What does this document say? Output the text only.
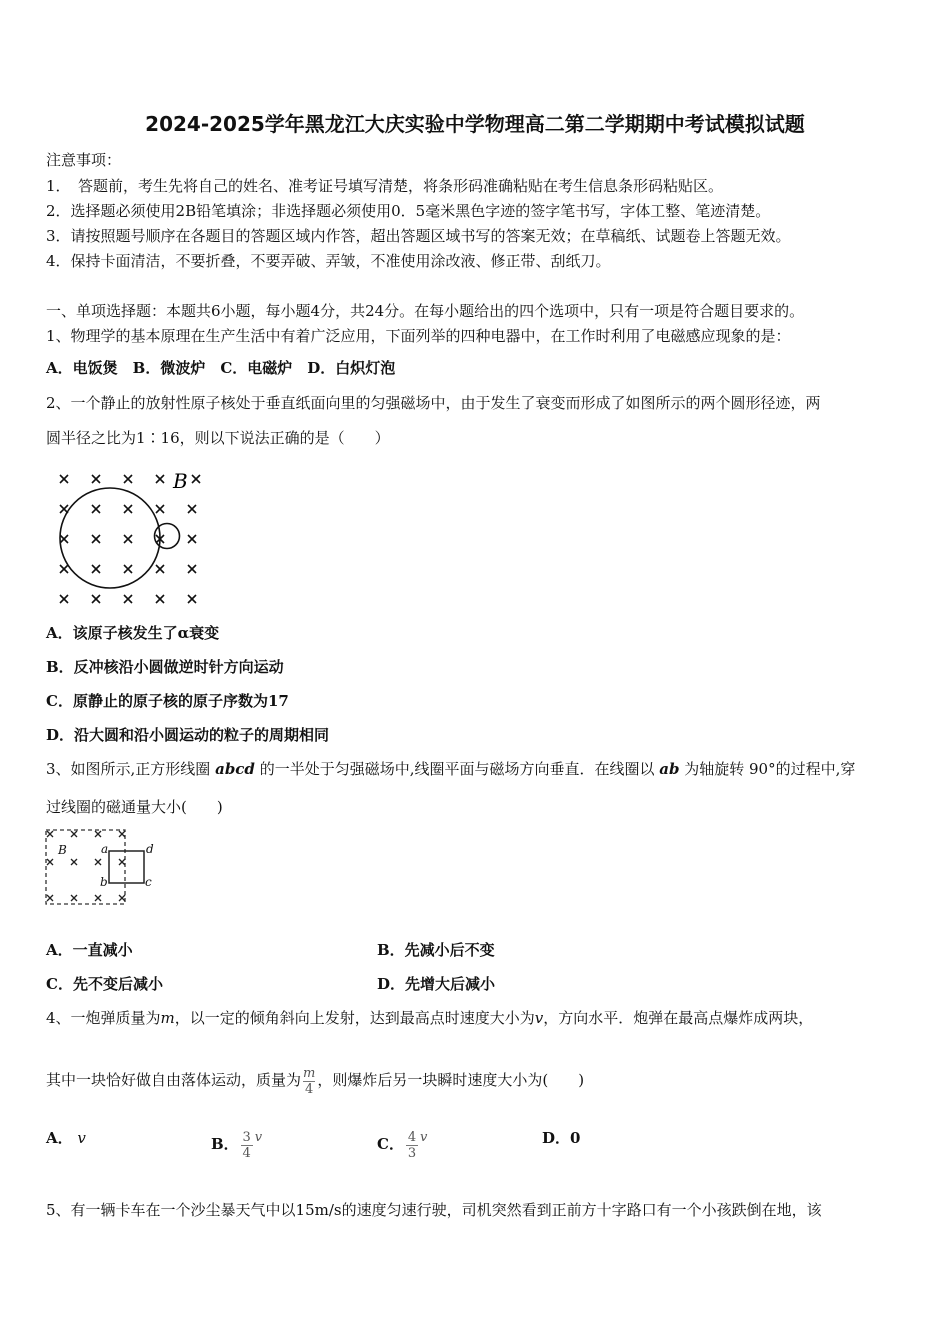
2024-2025学年黑龙江大庆实验中学物理高二第二学期期中考试模拟试题
注意事项：
1．　答题前，考生先将自己的姓名、准考证号填写清楚，将条形码准确粘贴在考生信息条形码粘贴区。
2．选择题必须使用2B铅笔填涂；非选择题必须使用0．5毫米黑色字迹的签字笔书写，字体工整、笔迹清楚。
3．请按照题号顺序在各题目的答题区域内作答，超出答题区域书写的答案无效；在草稿纸、试题卷上答题无效。
4．保持卡面清洁，不要折叠，不要弄破、弄皱，不准使用涂改液、修正带、刮纸刀。
一、单项选择题：本题共6小题，每小题4分，共24分。在每小题给出的四个选项中，只有一项是符合题目要求的。
1、物理学的基本原理在生产生活中有着广泛应用，下面列举的四种电器中，在工作时利用了电磁感应现象的是：
A．电饭煲　B．微波炉　C．电磁炉　D．白炽灯泡
2、一个静止的放射性原子核处于垂直纸面向里的匀强磁场中，由于发生了衰变而形成了如图所示的两个圆形径迹，两
圆半径之比为1∶16，则以下说法正确的是（　　）
B
A．该原子核发生了α衰变
B．反冲核沿小圆做逆时针方向运动
C．原静止的原子核的原子序数为17
D．沿大圆和沿小圆运动的粒子的周期相同
3、如图所示,正方形线圈 abcd 的一半处于匀强磁场中,线圈平面与磁场方向垂直．在线圈以 ab 为轴旋转 90°的过程中,穿
过线圈的磁通量大小(　　)
B	a	d
b	c
A．一直减小	B．先减小后不变
C．先不变后减小	D．先增大后减小
4、一炮弹质量为m，以一定的倾角斜向上发射，达到最高点时速度大小为v，方向水平．炮弹在最高点爆炸成两块，
其中一块恰好做自由落体运动，质量为 $\frac{m}{4}$ ，则爆炸后另一块瞬时速度大小为(　　)
A． v	B． $\frac{3}{4}$ v	C． $\frac{4}{3}$ v	D．0
5、有一辆卡车在一个沙尘暴天气中以15m/s的速度匀速行驶，司机突然看到正前方十字路口有一个小孩跌倒在地，该
